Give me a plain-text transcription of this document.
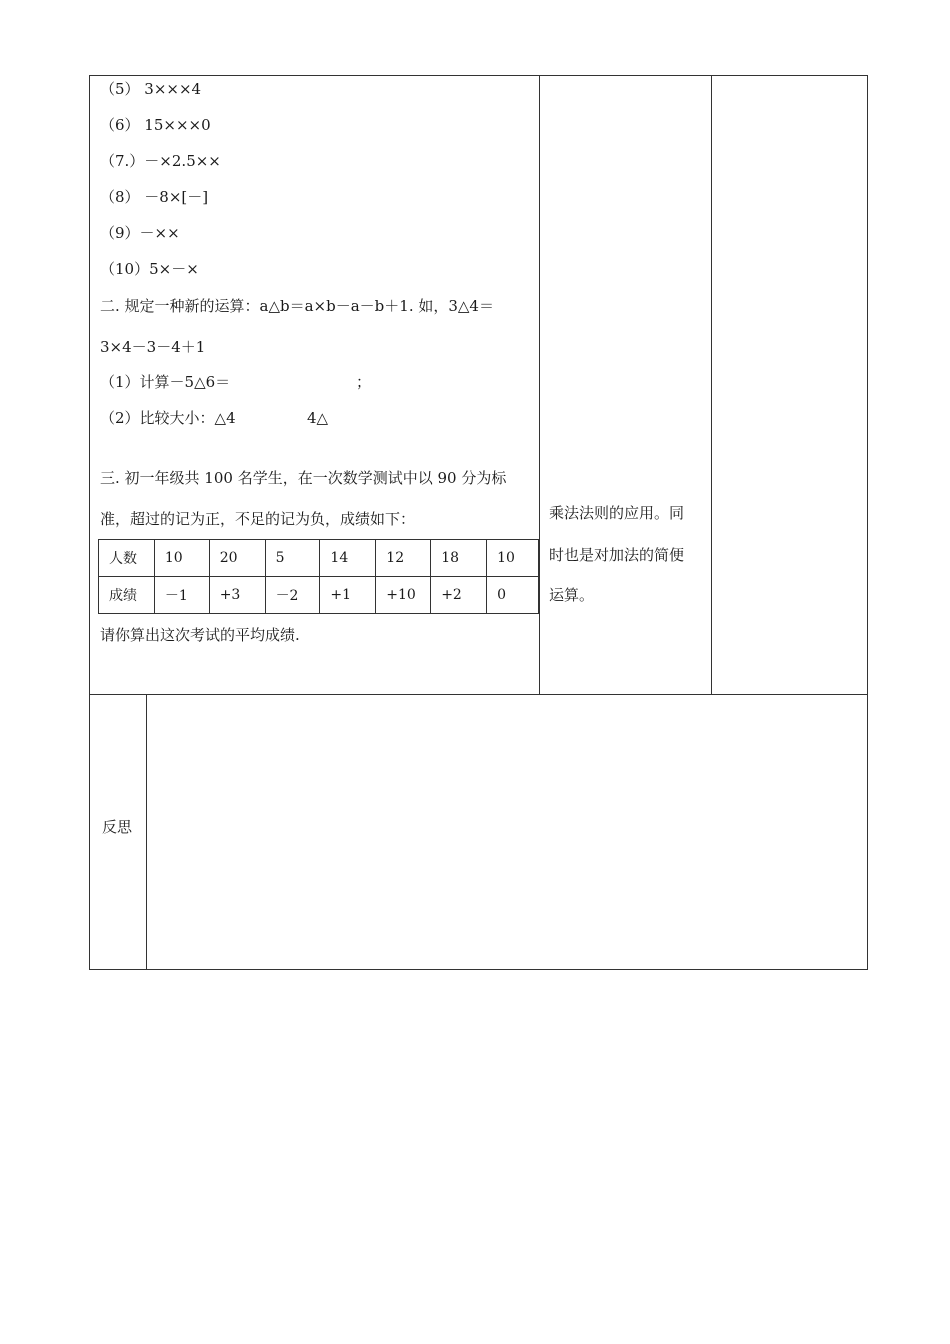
（5） 3×××4
（6） 15×××0
（7.）－×2.5××
（8） －8×[－]
（9）－××
（10）5×－×
二. 规定一种新的运算：a△b＝a×b－a－b＋1. 如，3△4＝
3×4－3－4＋1
（1）计算－5△6＝	；
（2）比较大小：△4	4△
三. 初一年级共 100 名学生，在一次数学测试中以 90 分为标
准，超过的记为正，不足的记为负，成绩如下：
人数	10	20	5	14	12	18	10
成绩	－1	+3	－2	+1	+10	+2	0
请你算出这次考试的平均成绩.
乘法法则的应用。同
时也是对加法的简便
运算。
反思
